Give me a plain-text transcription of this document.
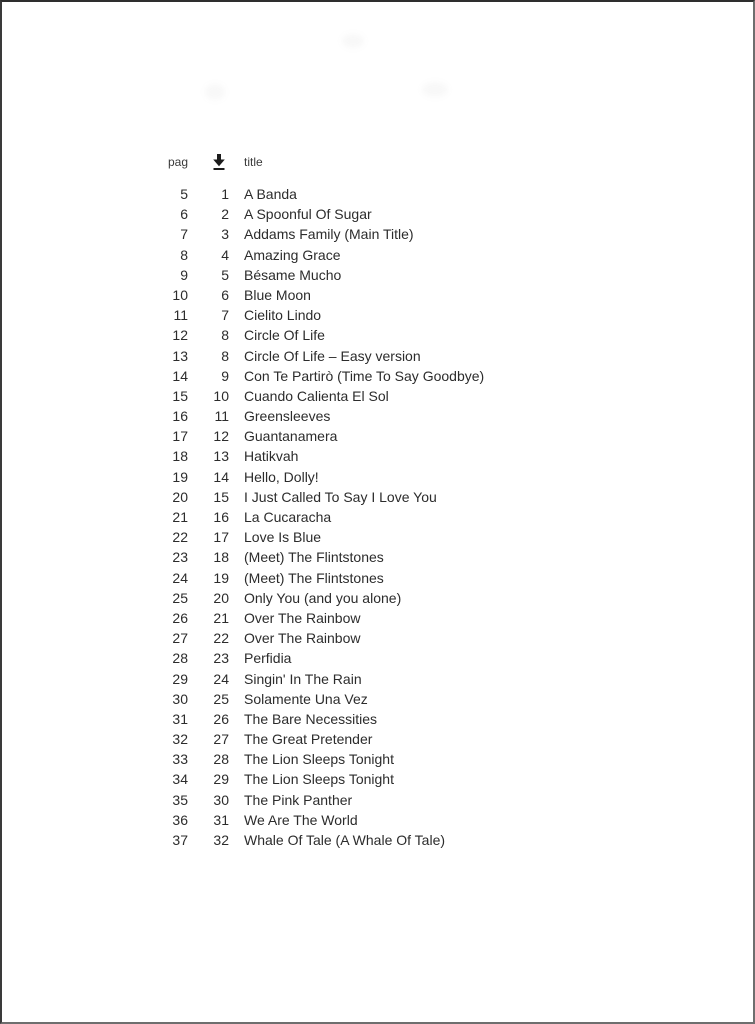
pag	title
5	1	A Banda
6	2	A Spoonful Of Sugar
7	3	Addams Family (Main Title)
8	4	Amazing Grace
9	5	Bésame Mucho
10	6	Blue Moon
11	7	Cielito Lindo
12	8	Circle Of Life
13	8	Circle Of Life – Easy version
14	9	Con Te Partirò (Time To Say Goodbye)
15	10	Cuando Calienta El Sol
16	11	Greensleeves
17	12	Guantanamera
18	13	Hatikvah
19	14	Hello, Dolly!
20	15	I Just Called To Say I Love You
21	16	La Cucaracha
22	17	Love Is Blue
23	18	(Meet) The Flintstones
24	19	(Meet) The Flintstones
25	20	Only You (and you alone)
26	21	Over The Rainbow
27	22	Over The Rainbow
28	23	Perfidia
29	24	Singin' In The Rain
30	25	Solamente Una Vez
31	26	The Bare Necessities
32	27	The Great Pretender
33	28	The Lion Sleeps Tonight
34	29	The Lion Sleeps Tonight
35	30	The Pink Panther
36	31	We Are The World
37	32	Whale Of Tale (A Whale Of Tale)
